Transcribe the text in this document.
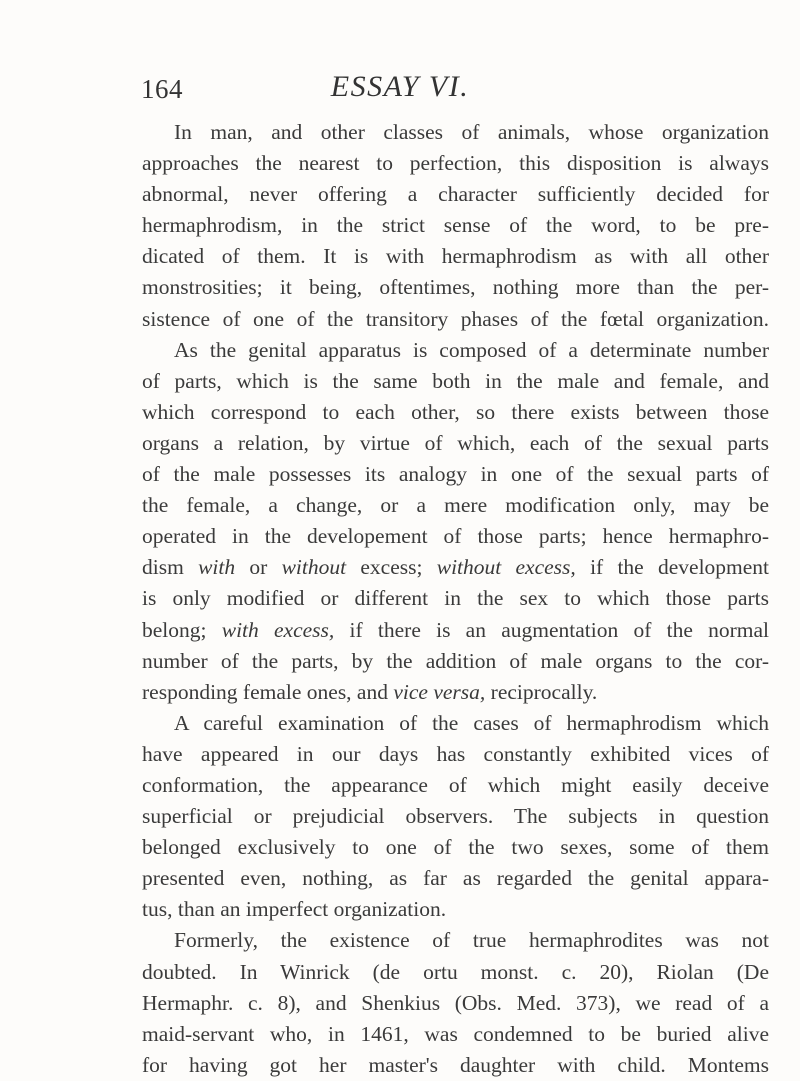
164	ESSAY VI.
In man, and other classes of animals, whose organization
approaches the nearest to perfection, this disposition is always
abnormal, never offering a character sufficiently decided for
hermaphrodism, in the strict sense of the word, to be pre-
dicated of them. It is with hermaphrodism as with all other
monstrosities; it being, oftentimes, nothing more than the per-
sistence of one of the transitory phases of the fœtal organization.
As the genital apparatus is composed of a determinate number
of parts, which is the same both in the male and female, and
which correspond to each other, so there exists between those
organs a relation, by virtue of which, each of the sexual parts
of the male possesses its analogy in one of the sexual parts of
the female, a change, or a mere modification only, may be
operated in the developement of those parts; hence hermaphro-
dism with or without excess; without excess, if the development
is only modified or different in the sex to which those parts
belong; with excess, if there is an augmentation of the normal
number of the parts, by the addition of male organs to the cor-
responding female ones, and vice versa, reciprocally.
A careful examination of the cases of hermaphrodism which
have appeared in our days has constantly exhibited vices of
conformation, the appearance of which might easily deceive
superficial or prejudicial observers. The subjects in question
belonged exclusively to one of the two sexes, some of them
presented even, nothing, as far as regarded the genital appara-
tus, than an imperfect organization.
Formerly, the existence of true hermaphrodites was not
doubted. In Winrick (de ortu monst. c. 20), Riolan (De
Hermaphr. c. 8), and Shenkius (Obs. Med. 373), we read of a
maid-servant who, in 1461, was condemned to be buried alive
for having got her master's daughter with child. Montems
